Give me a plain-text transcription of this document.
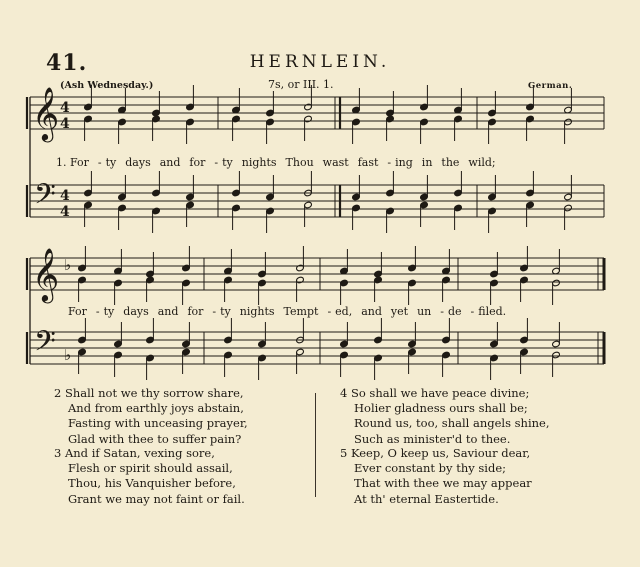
41.	HERNLEIN.
(Ash Wednesday.)	7s, or III. 1.	German.
𝄞
𝄢
4
4
4
4
𝄞
𝄢
♭
♭
1. For - ty days and for - ty nights Thou wast fast - ing in the wild;
For - ty days and for - ty nights Tempt - ed, and yet un - de - filed.
2 Shall not we thy sorrow share,
And from earthly joys abstain,
Fasting with unceasing prayer,
Glad with thee to suffer pain?
3 And if Satan, vexing sore,
Flesh or spirit should assail,
Thou, his Vanquisher before,
Grant we may not faint or fail.
4 So shall we have peace divine;
Holier gladness ours shall be;
Round us, too, shall angels shine,
Such as minister'd to thee.
5 Keep, O keep us, Saviour dear,
Ever constant by thy side;
That with thee we may appear
At th' eternal Eastertide.
